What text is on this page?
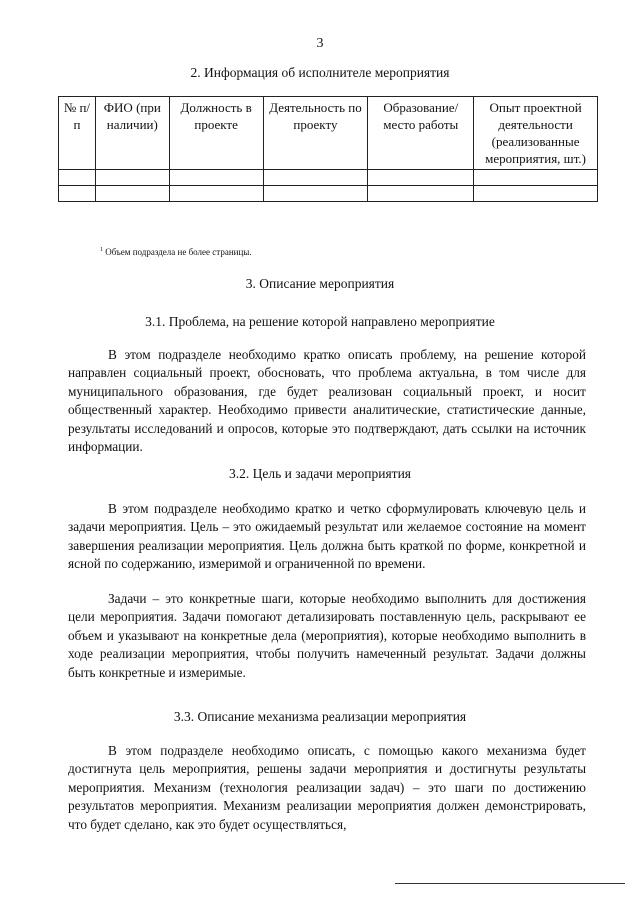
3
2. Информация об исполнителе мероприятия
№ п/п	ФИО (при наличии)	Должность в проекте	Деятельность по проекту	Образование/ место работы	Опыт проектной деятельности (реализованные мероприятия, шт.)

$^1$ Объем подраздела не более страницы.
3. Описание мероприятия
3.1. Проблема, на решение которой направлено мероприятие
В этом подразделе необходимо кратко описать проблему, на решение которой направлен социальный проект, обосновать, что проблема актуальна, в том числе для муниципального образования, где будет реализован социальный проект, и носит общественный характер. Необходимо привести аналитические, статистические данные, результаты исследований и опросов, которые это подтверждают, дать ссылки на источник информации.
3.2. Цель и задачи мероприятия
В этом подразделе необходимо кратко и четко сформулировать ключевую цель и задачи мероприятия. Цель – это ожидаемый результат или желаемое состояние на момент завершения реализации мероприятия. Цель должна быть краткой по форме, конкретной и ясной по содержанию, измеримой и ограниченной по времени.
Задачи – это конкретные шаги, которые необходимо выполнить для достижения цели мероприятия. Задачи помогают детализировать поставленную цель, раскрывают ее объем и указывают на конкретные дела (мероприятия), которые необходимо выполнить в ходе реализации мероприятия, чтобы получить намеченный результат. Задачи должны быть конкретные и измеримые.
3.3. Описание механизма реализации мероприятия
В этом подразделе необходимо описать, с помощью какого механизма будет достигнута цель мероприятия, решены задачи мероприятия и достигнуты результаты мероприятия. Механизм (технология реализации задач) – это шаги по достижению результатов мероприятия. Механизм реализации мероприятия должен демонстрировать, что будет сделано, как это будет осуществляться,
